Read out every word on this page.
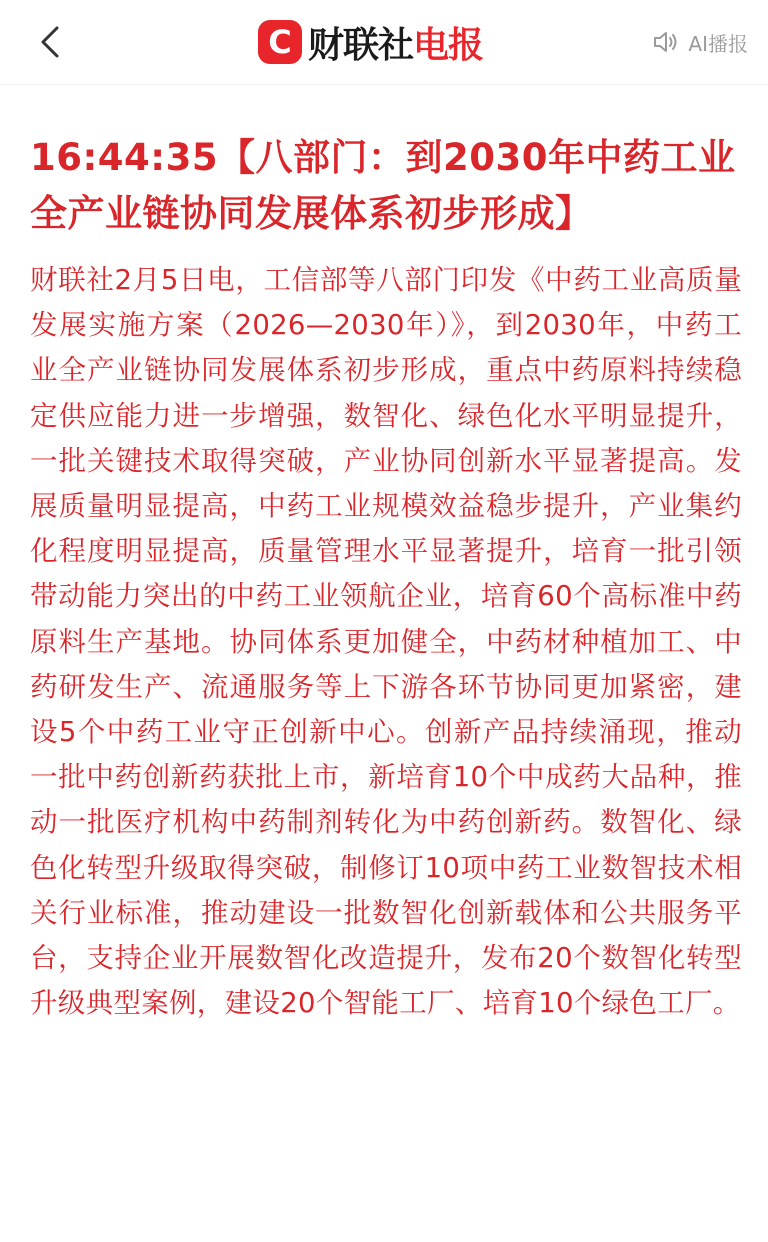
C 财联社 电报	AI播报
16:44:35【八部门：到2030年中药工业全产业链协同发展体系初步形成】

财联社2月5日电，工信部等八部门印发《中药工业高质量发展实施方案（2026—2030年）》，到2030年，中药工业全产业链协同发展体系初步形成，重点中药原料持续稳定供应能力进一步增强，数智化、绿色化水平明显提升，一批关键技术取得突破，产业协同创新水平显著提高。发展质量明显提高，中药工业规模效益稳步提升，产业集约化程度明显提高，质量管理水平显著提升，培育一批引领带动能力突出的中药工业领航企业，培育60个高标准中药原料生产基地。协同体系更加健全，中药材种植加工、中药研发生产、流通服务等上下游各环节协同更加紧密，建设5个中药工业守正创新中心。创新产品持续涌现，推动一批中药创新药获批上市，新培育10个中成药大品种，推动一批医疗机构中药制剂转化为中药创新药。数智化、绿色化转型升级取得突破，制修订10项中药工业数智技术相关行业标准，推动建设一批数智化创新载体和公共服务平台，支持企业开展数智化改造提升，发布20个数智化转型升级典型案例，建设20个智能工厂、培育10个绿色工厂。
